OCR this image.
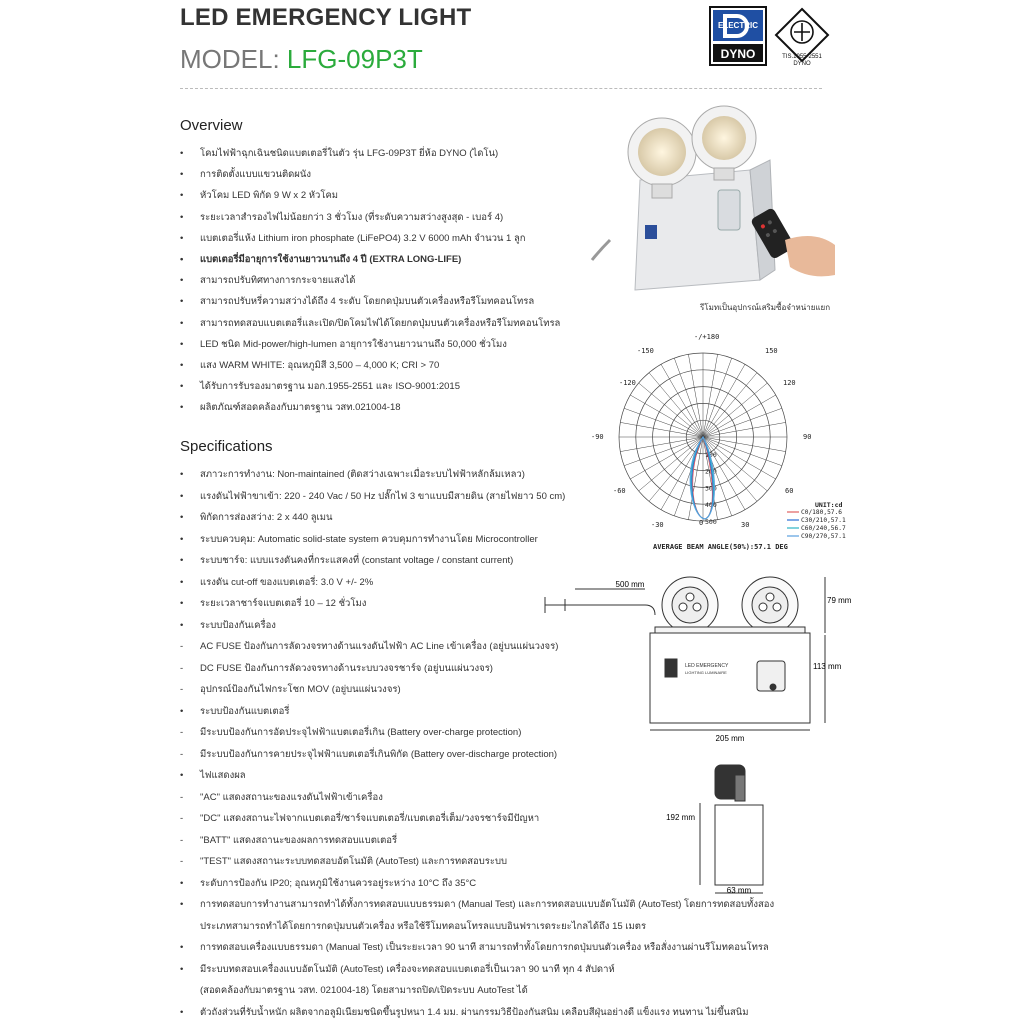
LED EMERGENCY LIGHT
MODEL: LFG-09P3T
ELECTRIC
DYNO	TIS.1955-2551
DYNO
Overview
•	โคมไฟฟ้าฉุกเฉินชนิดแบตเตอรี่ในตัว รุ่น LFG-09P3T ยี่ห้อ DYNO (ไดโน)
•	การติดตั้งแบบแขวนติดผนัง
•	หัวโคม LED พิกัด 9 W x 2 หัวโคม
•	ระยะเวลาสำรองไฟไม่น้อยกว่า 3 ชั่วโมง (ที่ระดับความสว่างสูงสุด - เบอร์ 4)
•	แบตเตอรี่แห้ง Lithium iron phosphate (LiFePO4) 3.2 V 6000 mAh จำนวน 1 ลูก
•	แบตเตอรี่มีอายุการใช้งานยาวนานถึง 4 ปี (EXTRA LONG-LIFE)
•	สามารถปรับทิศทางการกระจายแสงได้
•	สามารถปรับหรี่ความสว่างได้ถึง 4 ระดับ โดยกดปุ่มบนตัวเครื่องหรือรีโมทคอนโทรล
•	สามารถทดสอบแบตเตอรี่และเปิด/ปิดโคมไฟได้โดยกดปุ่มบนตัวเครื่องหรือรีโมทคอนโทรล
•	LED ชนิด Mid-power/high-lumen อายุการใช้งานยาวนานถึง 50,000 ชั่วโมง
•	แสง WARM WHITE: อุณหภูมิสี 3,500 – 4,000 K; CRI > 70
•	ได้รับการรับรองมาตรฐาน มอก.1955-2551 และ ISO-9001:2015
•	ผลิตภัณฑ์สอดคล้องกับมาตรฐาน วสท.021004-18
รีโมทเป็นอุปกรณ์เสริมซื้อจำหน่ายแยก
-/+180
-150	150
-120	120
-90	90
-60	60
-30	0	30
100
200
300
400
500
UNIT:cd
C0/180,57.6
C30/210,57.1
C60/240,56.7
C90/270,57.1
AVERAGE BEAM ANGLE(50%):57.1 DEG
500 mm
79 mm
113 mm
205 mm
192 mm
63 mm
LED EMERGENCY
LIGHTING LUMINAIRE
Specifications
•	สภาวะการทำงาน: Non-maintained (ติดสว่างเฉพาะเมื่อระบบไฟฟ้าหลักล้มเหลว)
•	แรงดันไฟฟ้าขาเข้า: 220 - 240 Vac / 50 Hz ปลั๊กไฟ 3 ขาแบบมีสายดิน (สายไฟยาว 50 cm)
•	พิกัดการส่องสว่าง: 2 x 440 ลูเมน
•	ระบบควบคุม: Automatic solid-state system ควบคุมการทำงานโดย Microcontroller
•	ระบบชาร์จ: แบบแรงดันคงที่กระแสคงที่ (constant voltage / constant current)
•	แรงดัน cut-off ของแบตเตอรี่: 3.0 V +/- 2%
•	ระยะเวลาชาร์จแบตเตอรี่ 10 – 12 ชั่วโมง
•	ระบบป้องกันเครื่อง
-	AC FUSE ป้องกันการลัดวงจรทางด้านแรงดันไฟฟ้า AC Line เข้าเครื่อง (อยู่บนแผ่นวงจร)
-	DC FUSE ป้องกันการลัดวงจรทางด้านระบบวงจรชาร์จ (อยู่บนแผ่นวงจร)
-	อุปกรณ์ป้องกันไฟกระโชก MOV (อยู่บนแผ่นวงจร)
•	ระบบป้องกันแบตเตอรี่
-	มีระบบป้องกันการอัดประจุไฟฟ้าแบตเตอรี่เกิน (Battery over-charge protection)
-	มีระบบป้องกันการคายประจุไฟฟ้าแบตเตอรี่เกินพิกัด (Battery over-discharge protection)
•	ไฟแสดงผล
-	"AC" แสดงสถานะของแรงดันไฟฟ้าเข้าเครื่อง
-	"DC" แสดงสถานะไฟจากแบตเตอรี่/ชาร์จแบตเตอรี่/แบตเตอรี่เต็ม/วงจรชาร์จมีปัญหา
-	"BATT" แสดงสถานะของผลการทดสอบแบตเตอรี่
-	"TEST" แสดงสถานะระบบทดสอบอัตโนมัติ (AutoTest) และการทดสอบระบบ
•	ระดับการป้องกัน IP20; อุณหภูมิใช้งานควรอยู่ระหว่าง 10°C ถึง 35°C
•	การทดสอบการทำงานสามารถทำได้ทั้งการทดสอบแบบธรรมดา (Manual Test) และการทดสอบแบบอัตโนมัติ (AutoTest) โดยการทดสอบทั้งสอง
ประเภทสามารถทำได้โดยการกดปุ่มบนตัวเครื่อง หรือใช้รีโมทคอนโทรลแบบอินฟราเรดระยะไกลได้ถึง 15 เมตร
•	การทดสอบเครื่องแบบธรรมดา (Manual Test) เป็นระยะเวลา 90 นาที สามารถทำทั้งโดยการกดปุ่มบนตัวเครื่อง หรือสั่งงานผ่านรีโมทคอนโทรล
•	มีระบบทดสอบเครื่องแบบอัตโนมัติ (AutoTest) เครื่องจะทดสอบแบตเตอรี่เป็นเวลา 90 นาที ทุก 4 สัปดาห์
(สอดคล้องกับมาตรฐาน วสท. 021004-18) โดยสามารถปิด/เปิดระบบ AutoTest ได้
•	ตัวถังส่วนที่รับน้ำหนัก ผลิตจากอลูมิเนียมชนิดขึ้นรูปหนา 1.4 มม. ผ่านกรรมวิธีป้องกันสนิม เคลือบสีฝุ่นอย่างดี แข็งแรง ทนทาน ไม่ขึ้นสนิม
